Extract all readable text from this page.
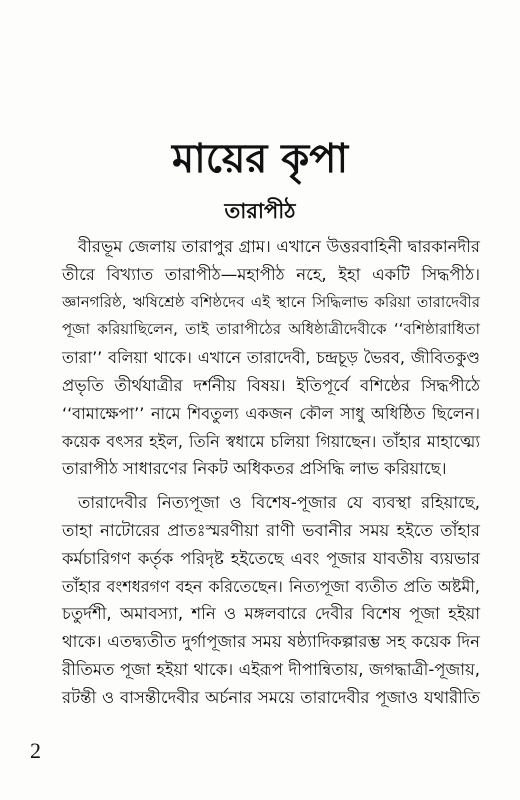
মায়ের কৃপা
তারাপীঠ
বীরভূম জেলায় তারাপুর গ্রাম। এখানে উত্তরবাহিনী দ্বারকানদীর
তীরে বিখ্যাত তারাপীঠ—মহাপীঠ নহে, ইহা একটি সিদ্ধপীঠ।
জ্ঞানগরিষ্ঠ, ঋষিশ্রেষ্ঠ বশিষ্ঠদেব এই স্থানে সিদ্ধিলাভ করিয়া তারাদেবীর
পূজা করিয়াছিলেন, তাই তারাপীঠের অধিষ্ঠাত্রীদেবীকে ‘‘বশিষ্ঠারাধিতা
তারা’’ বলিয়া থাকে। এখানে তারাদেবী, চন্দ্রচূড় ভৈরব, জীবিতকুণ্ড
প্রভৃতি তীর্থযাত্রীর দর্শনীয় বিষয়। ইতিপূর্বে বশিষ্ঠের সিদ্ধপীঠে
‘‘বামাক্ষেপা’’ নামে শিবতুল্য একজন কৌল সাধু অধিষ্ঠিত ছিলেন।
কয়েক বৎসর হইল, তিনি স্বধামে চলিয়া গিয়াছেন। তাঁহার মাহাত্ম্যে
তারাপীঠ সাধারণের নিকট অধিকতর প্রসিদ্ধি লাভ করিয়াছে।
তারাদেবীর নিত্যপূজা ও বিশেষ-পূজার যে ব্যবস্থা রহিয়াছে,
তাহা নাটোরের প্রাতঃস্মরণীয়া রাণী ভবানীর সময় হইতে তাঁহার
কর্মচারিগণ কর্তৃক পরিদৃষ্ট হইতেছে এবং পূজার যাবতীয় ব্যয়ভার
তাঁহার বংশধরগণ বহন করিতেছেন। নিত্যপূজা ব্যতীত প্রতি অষ্টমী,
চতুর্দশী, অমাবস্যা, শনি ও মঙ্গলবারে দেবীর বিশেষ পূজা হইয়া
থাকে। এতদ্ব্যতীত দুর্গাপূজার সময় ষষ্ঠ্যাদিকল্পারম্ভ সহ কয়েক দিন
রীতিমত পূজা হইয়া থাকে। এইরূপ দীপান্বিতায়, জগদ্ধাত্রী-পূজায়,
রটন্তী ও বাসন্তীদেবীর অর্চনার সময়ে তারাদেবীর পূজাও যথারীতি
2
